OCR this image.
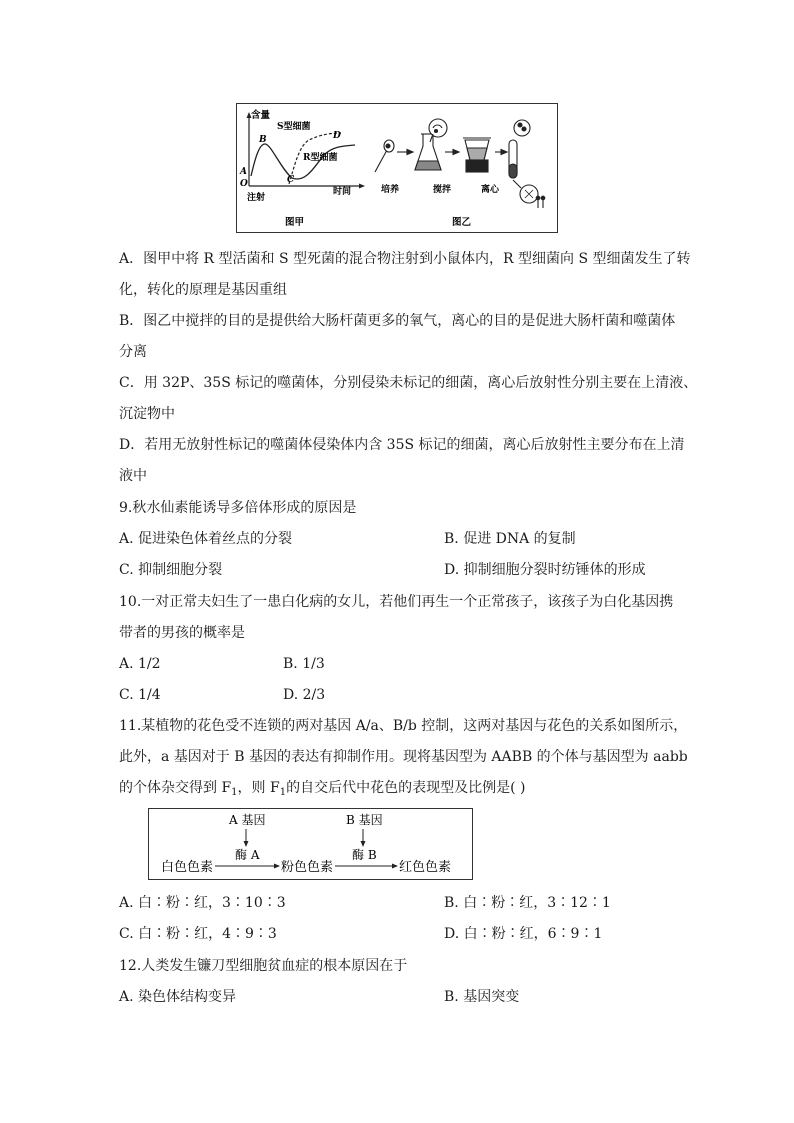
含量
S型细菌
R型细菌
时间
注射
A
B
C
D
O
培养	搅拌	离心
图甲	图乙
A．图甲中将 R 型活菌和 S 型死菌的混合物注射到小鼠体内，R 型细菌向 S 型细菌发生了转
化，转化的原理是基因重组
B．图乙中搅拌的目的是提供给大肠杆菌更多的氧气，离心的目的是促进大肠杆菌和噬菌体
分离
C．用 32P、35S 标记的噬菌体，分别侵染未标记的细菌，离心后放射性分别主要在上清液、
沉淀物中
D．若用无放射性标记的噬菌体侵染体内含 35S 标记的细菌，离心后放射性主要分布在上清
液中
9.秋水仙素能诱导多倍体形成的原因是
A. 促进染色体着丝点的分裂	B. 促进 DNA 的复制
C. 抑制细胞分裂	D. 抑制细胞分裂时纺锤体的形成
10.一对正常夫妇生了一患白化病的女儿，若他们再生一个正常孩子，该孩子为白化基因携
带者的男孩的概率是
A. 1/2	B. 1/3
C. 1/4	D. 2/3
11.某植物的花色受不连锁的两对基因 A/a、B/b 控制，这两对基因与花色的关系如图所示，
此外，a 基因对于 B 基因的表达有抑制作用。现将基因型为 AABB 的个体与基因型为 aabb
的个体杂交得到 $F_1$，则 $F_1$的自交后代中花色的表现型及比例是( )
A 基因	B 基因
酶 A	酶 B
白色色素	粉色色素	红色色素
A. 白∶粉∶红，3∶10∶3	B. 白∶粉∶红，3∶12∶1
C. 白∶粉∶红，4∶9∶3	D. 白∶粉∶红，6∶9∶1
12.人类发生镰刀型细胞贫血症的根本原因在于
A. 染色体结构变异	B. 基因突变
